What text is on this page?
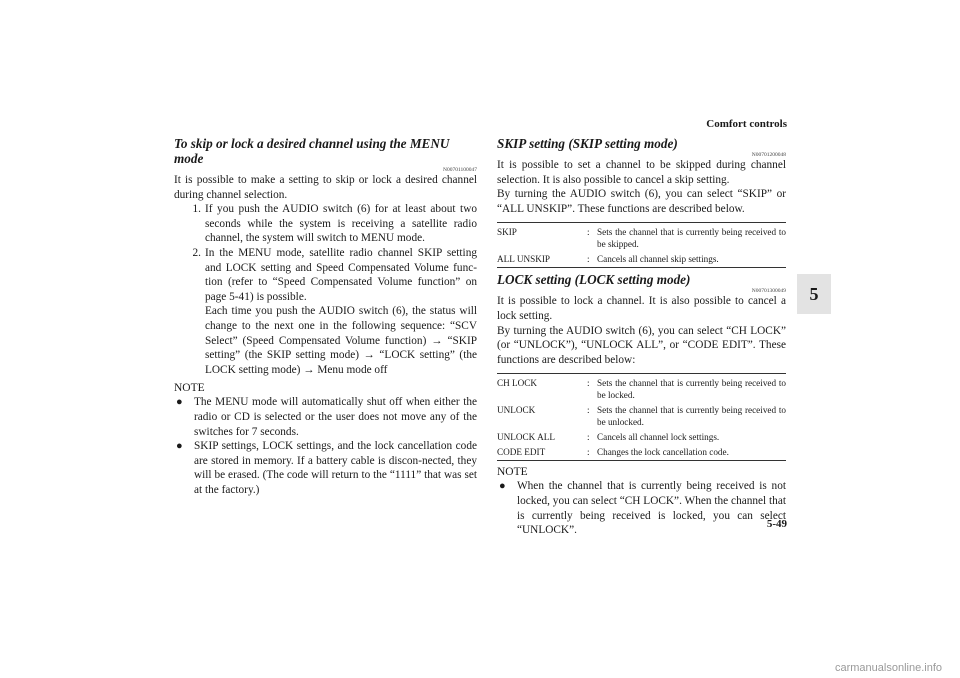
Comfort controls
5
To skip or lock a desired channel using the MENU mode
N00701100047

It is possible to make a setting to skip or lock a desired channel during channel selection.

1. If you push the AUDIO switch (6) for at least about two seconds while the system is receiving a satellite radio channel, the system will switch to MENU mode.
2. In the MENU mode, satellite radio channel SKIP setting and LOCK setting and Speed Compensated Volume func-tion (refer to “Speed Compensated Volume function” on page 5-41) is possible.
Each time you push the AUDIO switch (6), the status will change to the next one in the following sequence: “SCV Select” (Speed Compensated Volume function) → “SKIP setting” (the SKIP setting mode) → “LOCK setting” (the LOCK setting mode) → Menu mode off
NOTE
●	The MENU mode will automatically shut off when either the radio or CD is selected or the user does not move any of the switches for 7 seconds.
●	SKIP settings, LOCK settings, and the lock cancellation code are stored in memory. If a battery cable is discon-nected, they will be erased. (The code will return to the “1111” that was set at the factory.)
SKIP setting (SKIP setting mode)
N00701200048

It is possible to set a channel to be skipped during channel selection. It is also possible to cancel a skip setting.

By turning the AUDIO switch (6), you can select “SKIP” or “ALL UNSKIP”. These functions are described below.

SKIP	:	Sets the channel that is currently being received to be skipped.
ALL UNSKIP	:	Cancels all channel skip settings.
LOCK setting (LOCK setting mode)
N00701300049

It is possible to lock a channel. It is also possible to cancel a lock setting.

By turning the AUDIO switch (6), you can select “CH LOCK” (or “UNLOCK”), “UNLOCK ALL”, or “CODE EDIT”. These functions are described below:

CH LOCK	:	Sets the channel that is currently being received to be locked.
UNLOCK	:	Sets the channel that is currently being received to be unlocked.
UNLOCK ALL	:	Cancels all channel lock settings.
CODE EDIT	:	Changes the lock cancellation code.
NOTE
●	When the channel that is currently being received is not locked, you can select “CH LOCK”. When the channel that is currently being received is locked, you can select “UNLOCK”.
5-49
carmanualsonline.info
